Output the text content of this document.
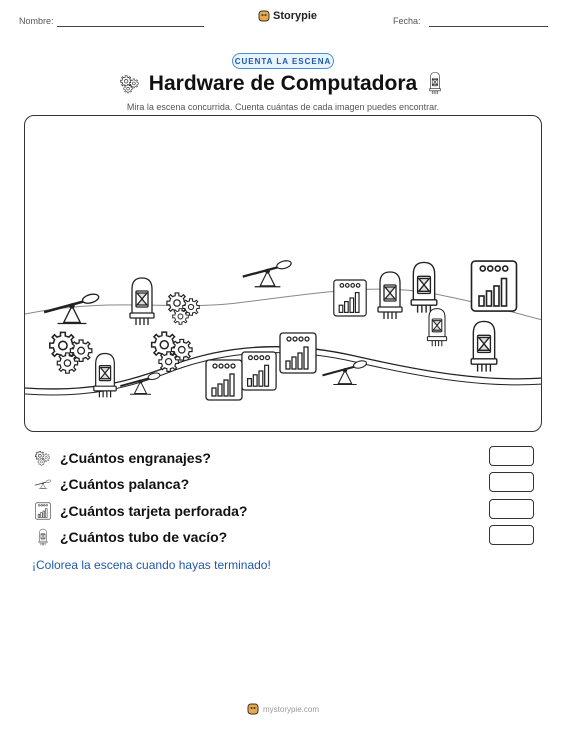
Nombre:	Storypie	Fecha:
CUENTA LA ESCENA
Hardware de Computadora
Mira la escena concurrida. Cuenta cuántas de cada imagen puedes encontrar.
¿Cuántos engranajes?
¿Cuántos palanca?
¿Cuántos tarjeta perforada?
¿Cuántos tubo de vacío?
¡Colorea la escena cuando hayas terminado!
mystorypie.com
